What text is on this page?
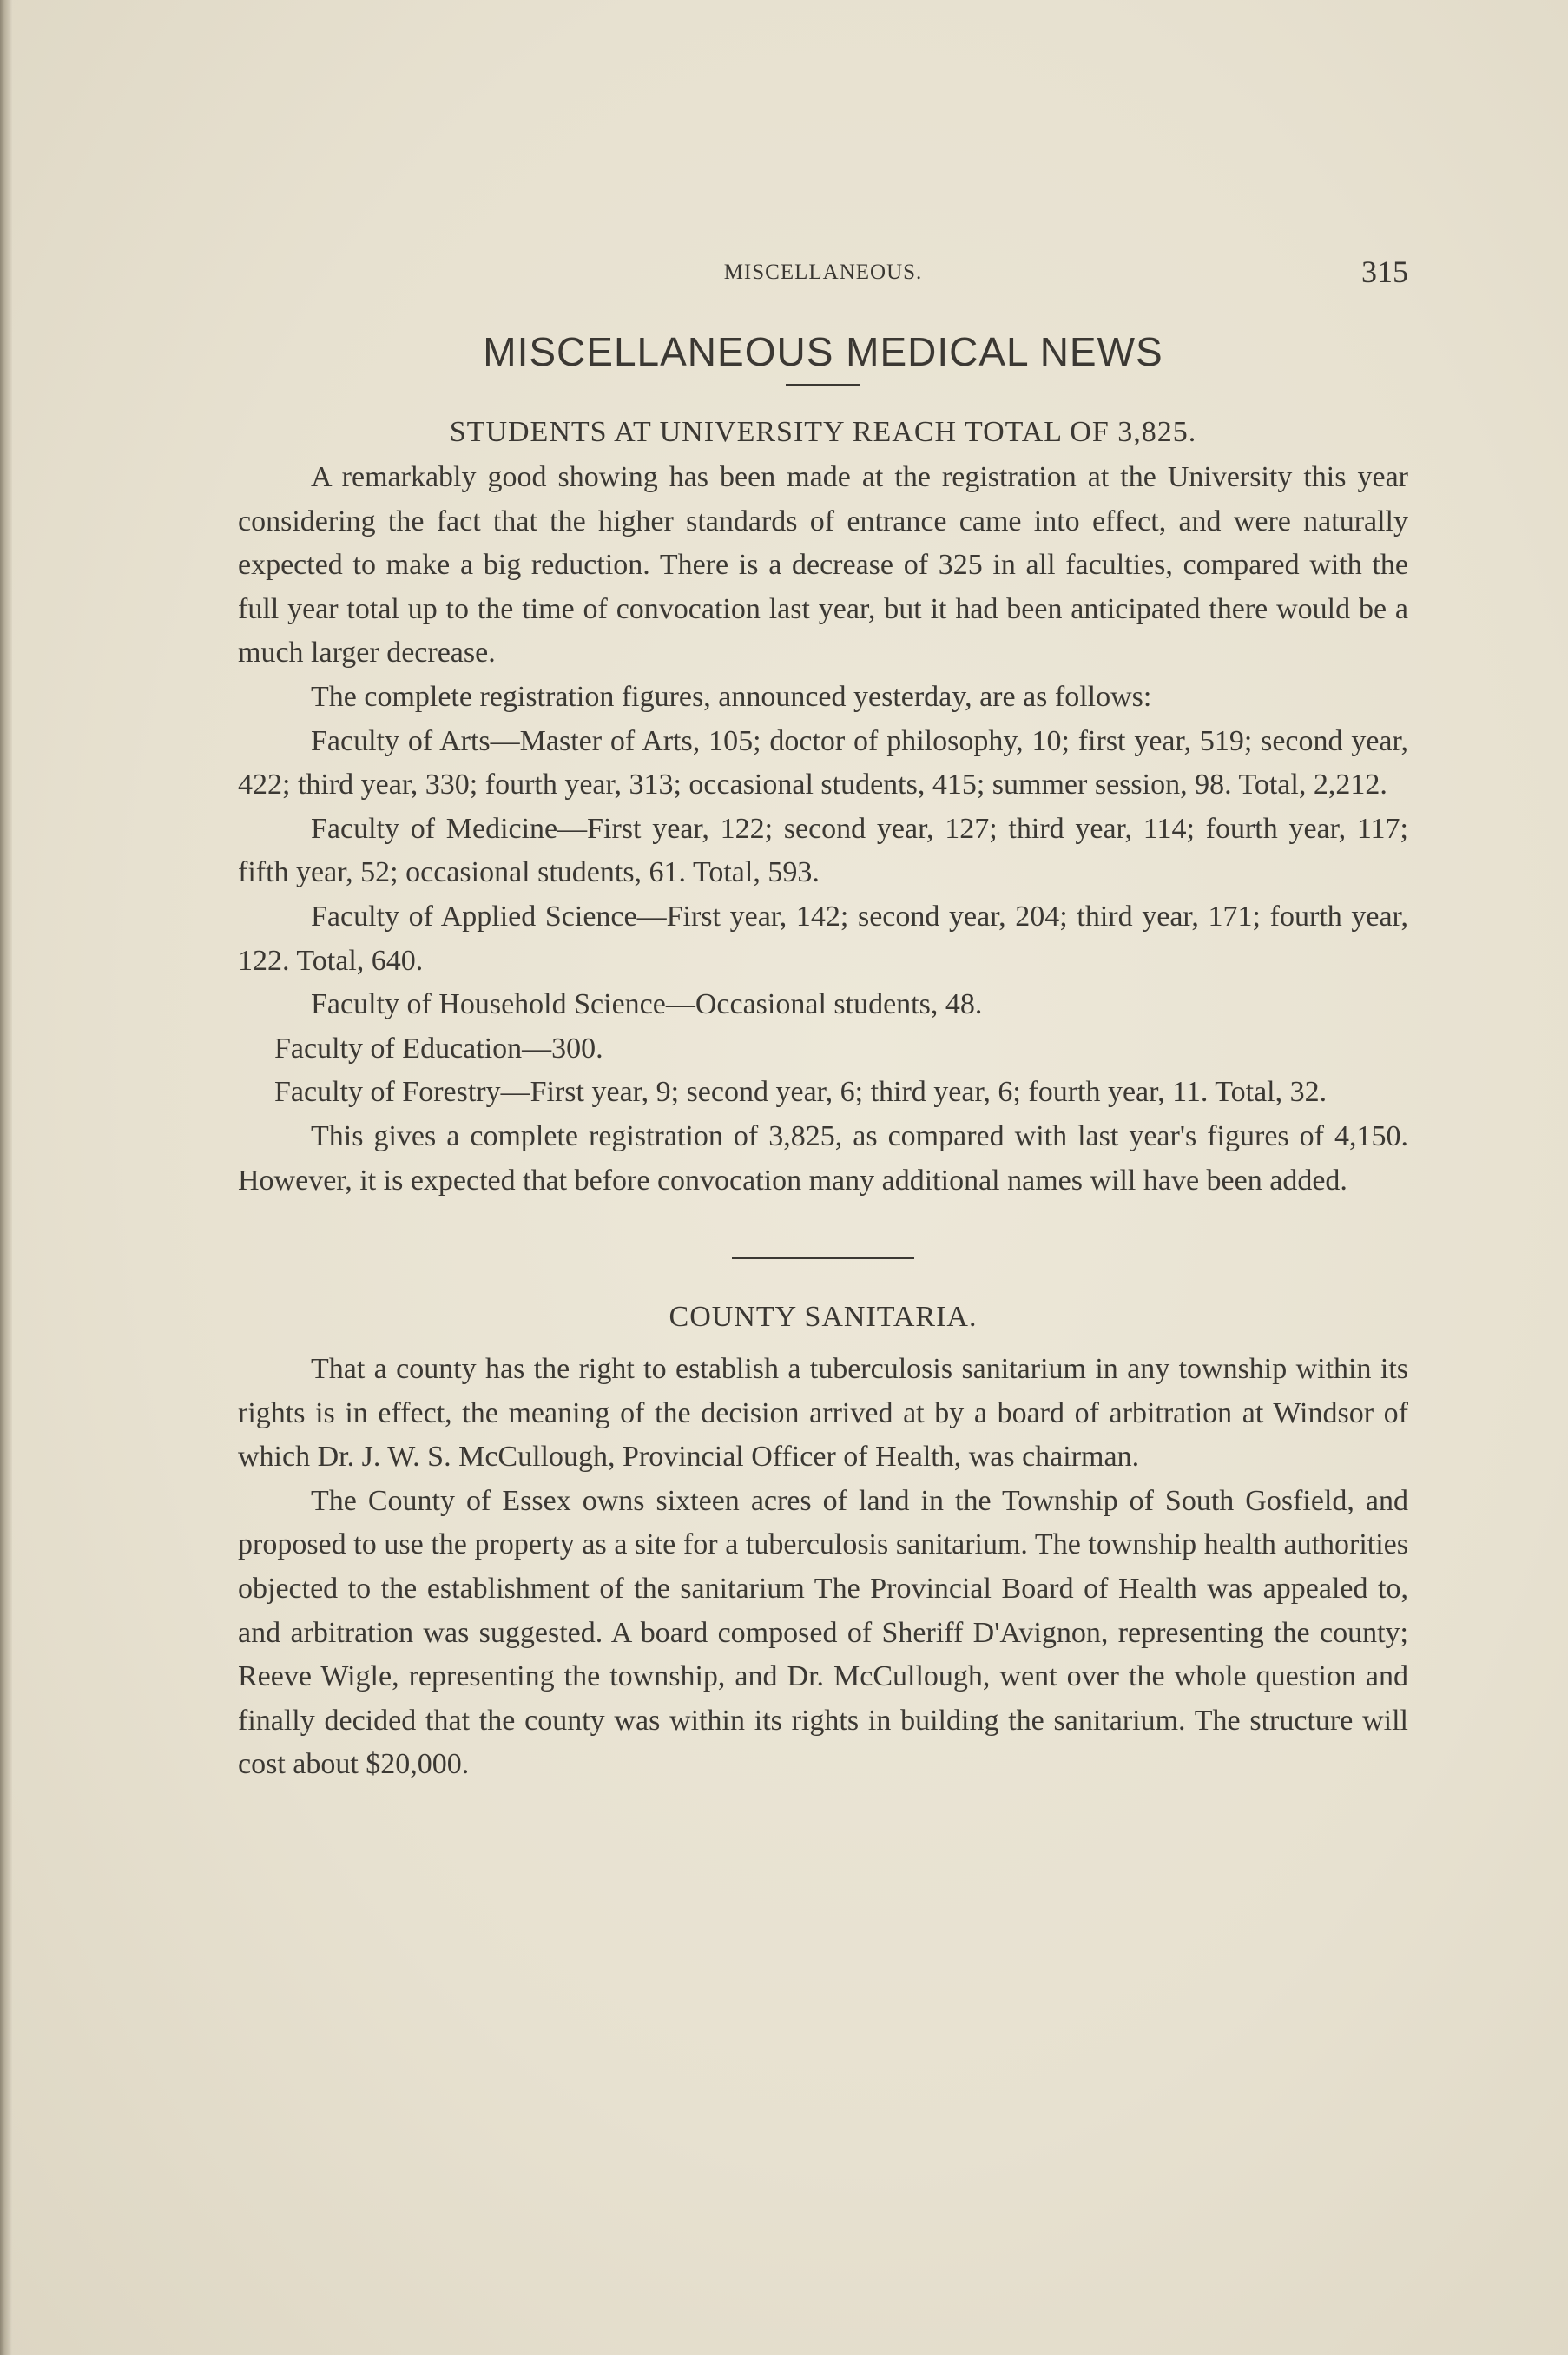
MISCELLANEOUS.	315
MISCELLANEOUS MEDICAL NEWS
STUDENTS AT UNIVERSITY REACH TOTAL OF 3,825.

A remarkably good showing has been made at the registration at the University this year considering the fact that the higher standards of entrance came into effect, and were naturally expected to make a big reduction. There is a decrease of 325 in all faculties, compared with the full year total up to the time of convocation last year, but it had been anticipated there would be a much larger decrease.

The complete registration figures, announced yesterday, are as follows:

Faculty of Arts—Master of Arts, 105; doctor of philosophy, 10; first year, 519; second year, 422; third year, 330; fourth year, 313; occasional students, 415; summer session, 98. Total, 2,212.

Faculty of Medicine—First year, 122; second year, 127; third year, 114; fourth year, 117; fifth year, 52; occasional students, 61. Total, 593.

Faculty of Applied Science—First year, 142; second year, 204; third year, 171; fourth year, 122. Total, 640.

Faculty of Household Science—Occasional students, 48.

Faculty of Education—300.

Faculty of Forestry—First year, 9; second year, 6; third year, 6; fourth year, 11. Total, 32.

This gives a complete registration of 3,825, as compared with last year's figures of 4,150. However, it is expected that before convocation many additional names will have been added.

COUNTY SANITARIA.

That a county has the right to establish a tuberculosis sanitarium in any township within its rights is in effect, the meaning of the decision arrived at by a board of arbitration at Windsor of which Dr. J. W. S. McCullough, Provincial Officer of Health, was chairman.

The County of Essex owns sixteen acres of land in the Township of South Gosfield, and proposed to use the property as a site for a tuberculosis sanitarium. The township health authorities objected to the establishment of the sanitarium The Provincial Board of Health was appealed to, and arbitration was suggested. A board composed of Sheriff D'Avignon, representing the county; Reeve Wigle, representing the township, and Dr. McCullough, went over the whole question and finally decided that the county was within its rights in building the sanitarium. The structure will cost about $20,000.
